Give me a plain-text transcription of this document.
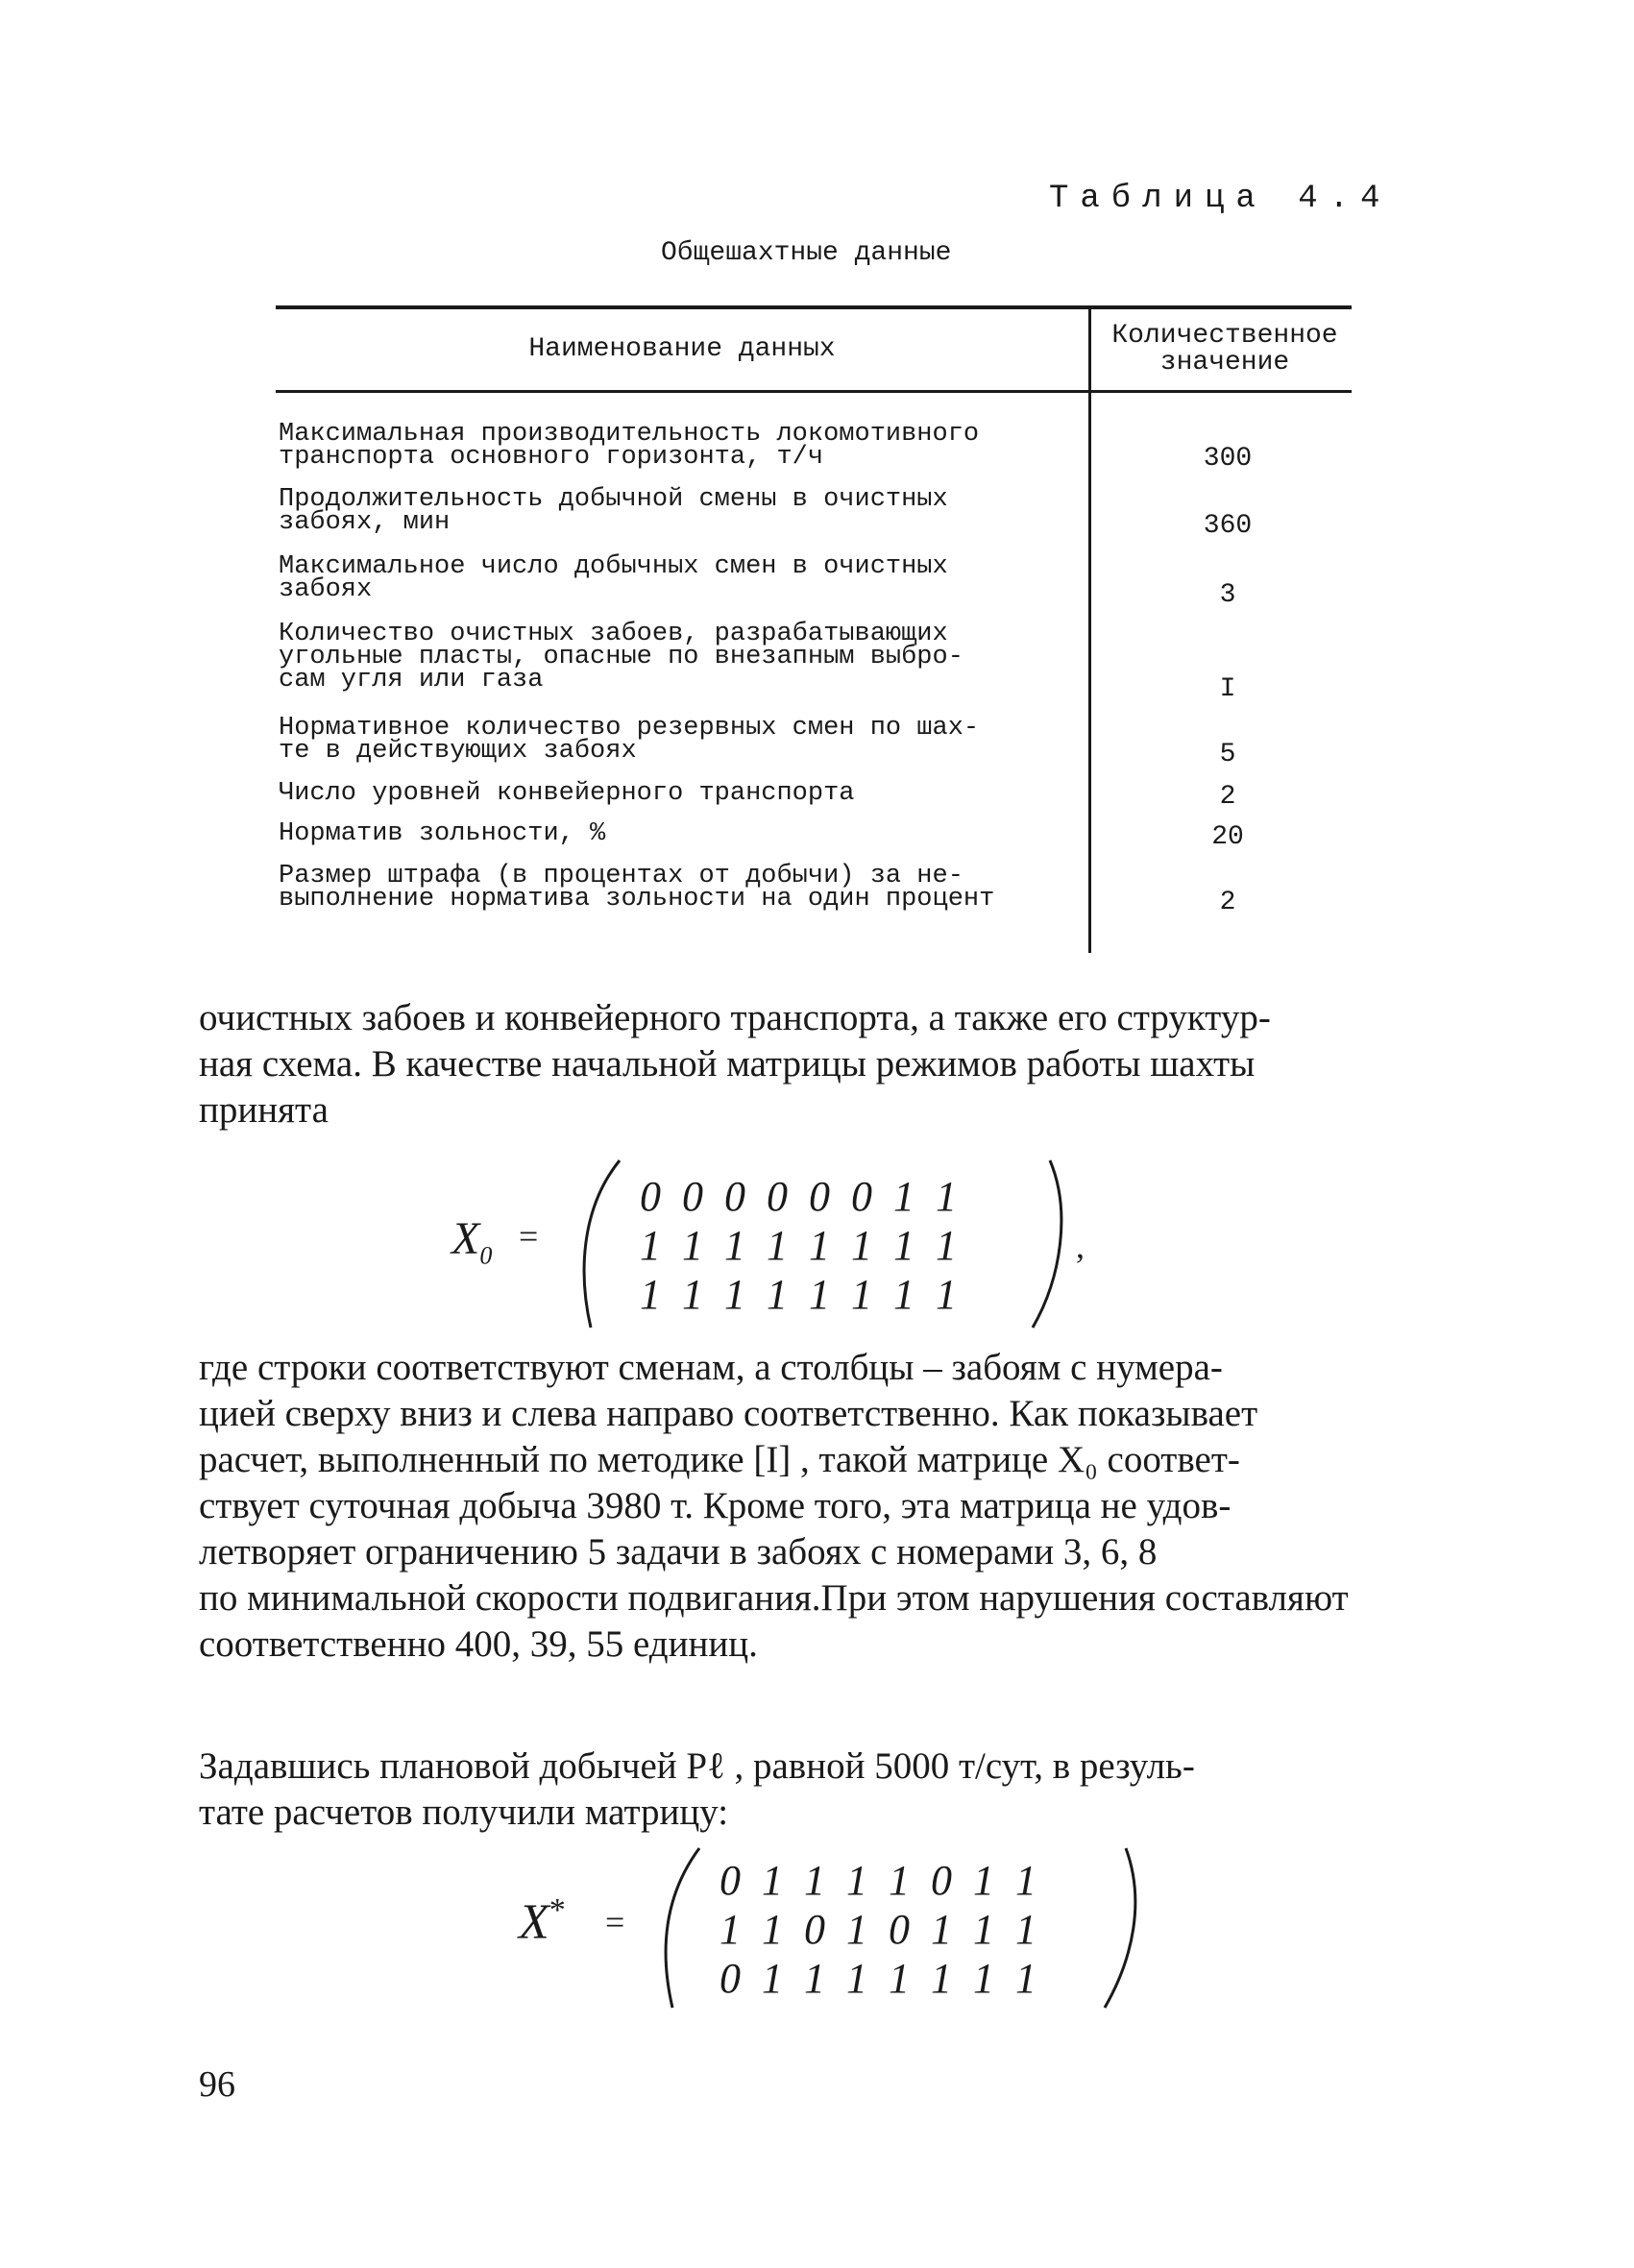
Таблица 4.4
Общешахтные данные
Наименование данных	Количественное
значение
Максимальная производительность локомотивного
транспорта основного горизонта, т/ч	300
Продолжительность добычной смены в очистных
забоях, мин	360
Максимальное число добычных смен в очистных
забоях	3
Количество очистных забоев, разрабатывающих
угольные пласты, опасные по внезапным выбро-
сам угля или газа	I
Нормативное количество резервных смен по шах-
те в действующих забоях	5
Число уровней конвейерного транспорта	2
Норматив зольности, %	20
Размер штрафа (в процентах от добычи) за не-
выполнение норматива зольности на один процент	2
очистных забоев и конвейерного транспорта, а также его структур-
ная схема. В качестве начальной матрицы режимов работы шахты
принята
$X_0$
=
0 0 0 0 0 0 1 1
1 1 1 1 1 1 1 1
1 1 1 1 1 1 1 1
,
где строки соответствуют сменам, а столбцы – забоям с нумера-
цией сверху вниз и слева направо соответственно. Как показывает
расчет, выполненный по методике [I] , такой матрице X₀ соответ-
ствует суточная добыча 3980 т. Кроме того, эта матрица не удов-
летворяет ограничению 5 задачи в забоях с номерами 3, 6, 8
по минимальной скорости подвигания.При этом нарушения составляют
соответственно 400, 39, 55 единиц.
Задавшись плановой добычей Pℓ , равной 5000 т/сут, в резуль-
тате расчетов получили матрицу:
X* =
0 1 1 1 1 0 1 1
1 1 0 1 0 1 1 1
0 1 1 1 1 1 1 1
96
